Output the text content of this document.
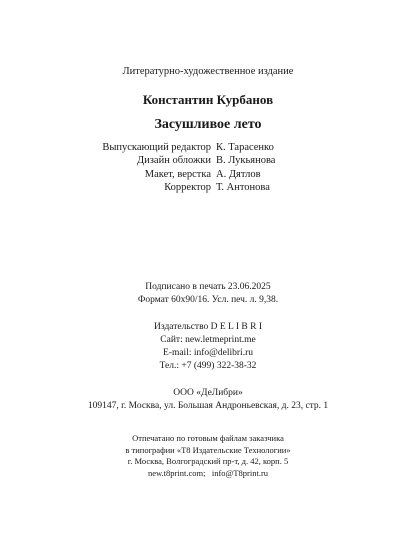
Литературно-художественное издание
Константин Курбанов
Засушливое лето
Выпускающий редактор К. Тарасенко
Дизайн обложки В. Лукьянова
Макет, верстка А. Дятлов
Корректор Т. Антонова
Подписано в печать 23.06.2025
Формат 60x90/16. Усл. печ. л. 9,38.
Издательство D E L I B R I
Сайт: new.letmeprint.me
E-mail: info@delibri.ru
Тел.: +7 (499) 322-38-32
ООО «ДеЛибри»
109147, г. Москва, ул. Большая Андроньевская, д. 23, стр. 1
Отпечатано по готовым файлам заказчика
в типографии «T8 Издательские Технологии»
г. Москва, Волгоградский пр-т, д. 42, корп. 5
new.t8print.com;   info@T8print.ru
